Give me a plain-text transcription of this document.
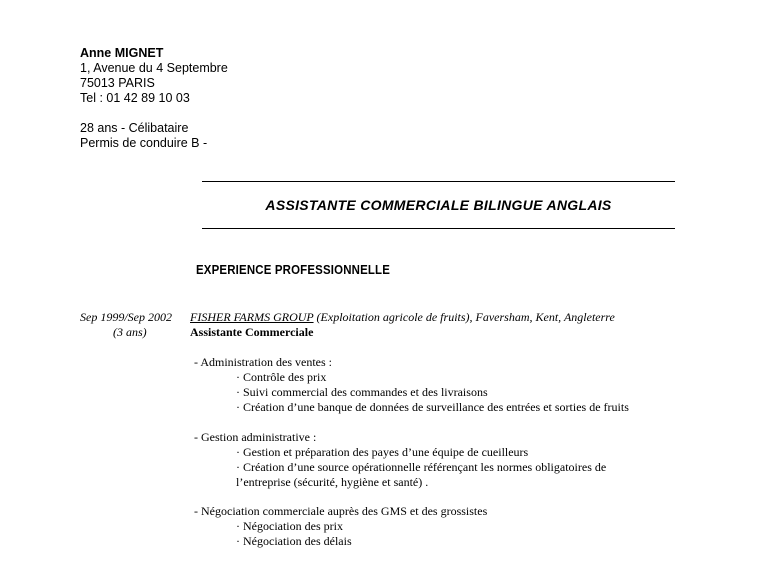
Anne MIGNET
1, Avenue du 4 Septembre
75013 PARIS
Tel : 01 42 89 10 03
28 ans - Célibataire
Permis de conduire B -
ASSISTANTE COMMERCIALE BILINGUE ANGLAIS
EXPERIENCE PROFESSIONNELLE
Sep 1999/Sep 2002
(3 ans)
FISHER FARMS GROUP (Exploitation agricole de fruits), Faversham, Kent, Angleterre
Assistante Commerciale
- Administration des ventes :
· Contrôle des prix
· Suivi commercial des commandes et des livraisons
· Création d’une banque de données de surveillance des entrées et sorties de fruits
- Gestion administrative :
· Gestion et préparation des payes d’une équipe de cueilleurs
· Création d’une source opérationnelle référençant les normes obligatoires de
l’entreprise (sécurité, hygiène et santé) .
- Négociation commerciale auprès des GMS et des grossistes
· Négociation des prix
· Négociation des délais
